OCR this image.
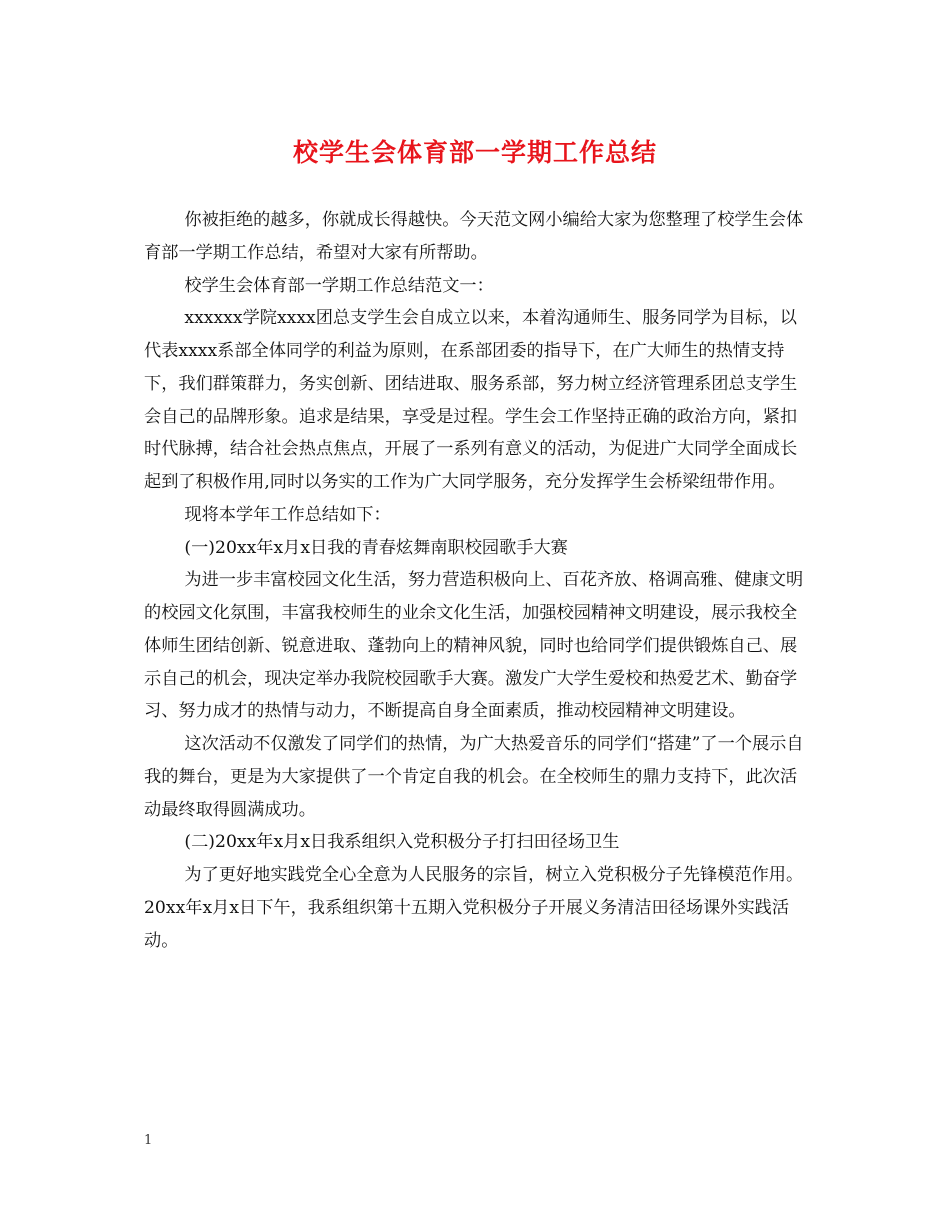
校学生会体育部一学期工作总结

你被拒绝的越多，你就成长得越快。今天范文网小编给大家为您整理了校学生会体育部一学期工作总结，希望对大家有所帮助。

校学生会体育部一学期工作总结范文一：

xxxxxx学院xxxx团总支学生会自成立以来，本着沟通师生、服务同学为目标，以代表xxxx系部全体同学的利益为原则，在系部团委的指导下，在广大师生的热情支持下，我们群策群力，务实创新、团结进取、服务系部，努力树立经济管理系团总支学生会自己的品牌形象。追求是结果，享受是过程。学生会工作坚持正确的政治方向，紧扣时代脉搏，结合社会热点焦点，开展了一系列有意义的活动，为促进广大同学全面成长起到了积极作用,同时以务实的工作为广大同学服务，充分发挥学生会桥梁纽带作用。

现将本学年工作总结如下：

(一)20xx年x月x日我的青春炫舞南职校园歌手大赛

为进一步丰富校园文化生活，努力营造积极向上、百花齐放、格调高雅、健康文明的校园文化氛围，丰富我校师生的业余文化生活，加强校园精神文明建设，展示我校全体师生团结创新、锐意进取、蓬勃向上的精神风貌，同时也给同学们提供锻炼自己、展示自己的机会，现决定举办我院校园歌手大赛。激发广大学生爱校和热爱艺术、勤奋学习、努力成才的热情与动力，不断提高自身全面素质，推动校园精神文明建设。

这次活动不仅激发了同学们的热情，为广大热爱音乐的同学们“搭建”了一个展示自我的舞台，更是为大家提供了一个肯定自我的机会。在全校师生的鼎力支持下，此次活动最终取得圆满成功。

(二)20xx年x月x日我系组织入党积极分子打扫田径场卫生

为了更好地实践党全心全意为人民服务的宗旨，树立入党积极分子先锋模范作用。20xx年x月x日下午，我系组织第十五期入党积极分子开展义务清洁田径场课外实践活动。

1
